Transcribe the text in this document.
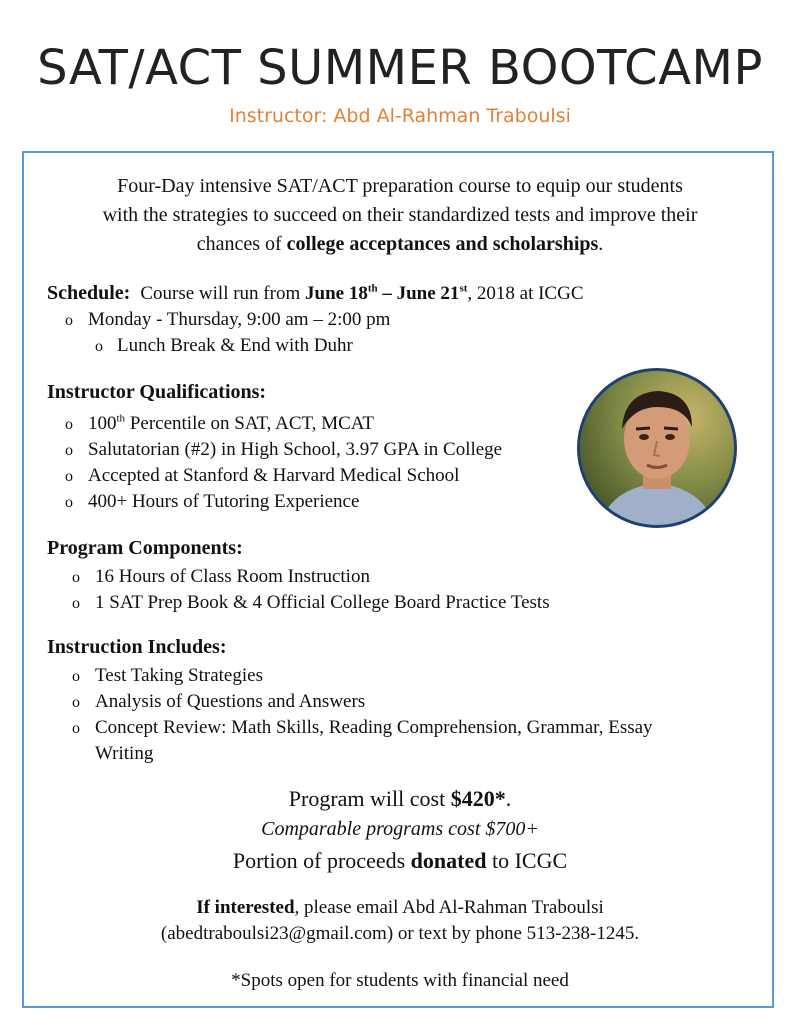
SAT/ACT SUMMER BOOTCAMP
Instructor: Abd Al-Rahman Traboulsi
Four-Day intensive SAT/ACT preparation course to equip our students
with the strategies to succeed on their standardized tests and improve their
chances of college acceptances and scholarships.
Schedule: Course will run from June 18th – June 21st, 2018 at ICGC
o Monday - Thursday, 9:00 am – 2:00 pm
o Lunch Break & End with Duhr
Instructor Qualifications:
o 100th Percentile on SAT, ACT, MCAT
o Salutatorian (#2) in High School, 3.97 GPA in College
o Accepted at Stanford & Harvard Medical School
o 400+ Hours of Tutoring Experience
Program Components:
o 16 Hours of Class Room Instruction
o 1 SAT Prep Book & 4 Official College Board Practice Tests
Instruction Includes:
o Test Taking Strategies
o Analysis of Questions and Answers
o Concept Review: Math Skills, Reading Comprehension, Grammar, Essay
Writing
Program will cost $420*.
Comparable programs cost $700+
Portion of proceeds donated to ICGC
If interested, please email Abd Al-Rahman Traboulsi
(abedtraboulsi23@gmail.com) or text by phone 513-238-1245.
*Spots open for students with financial need
